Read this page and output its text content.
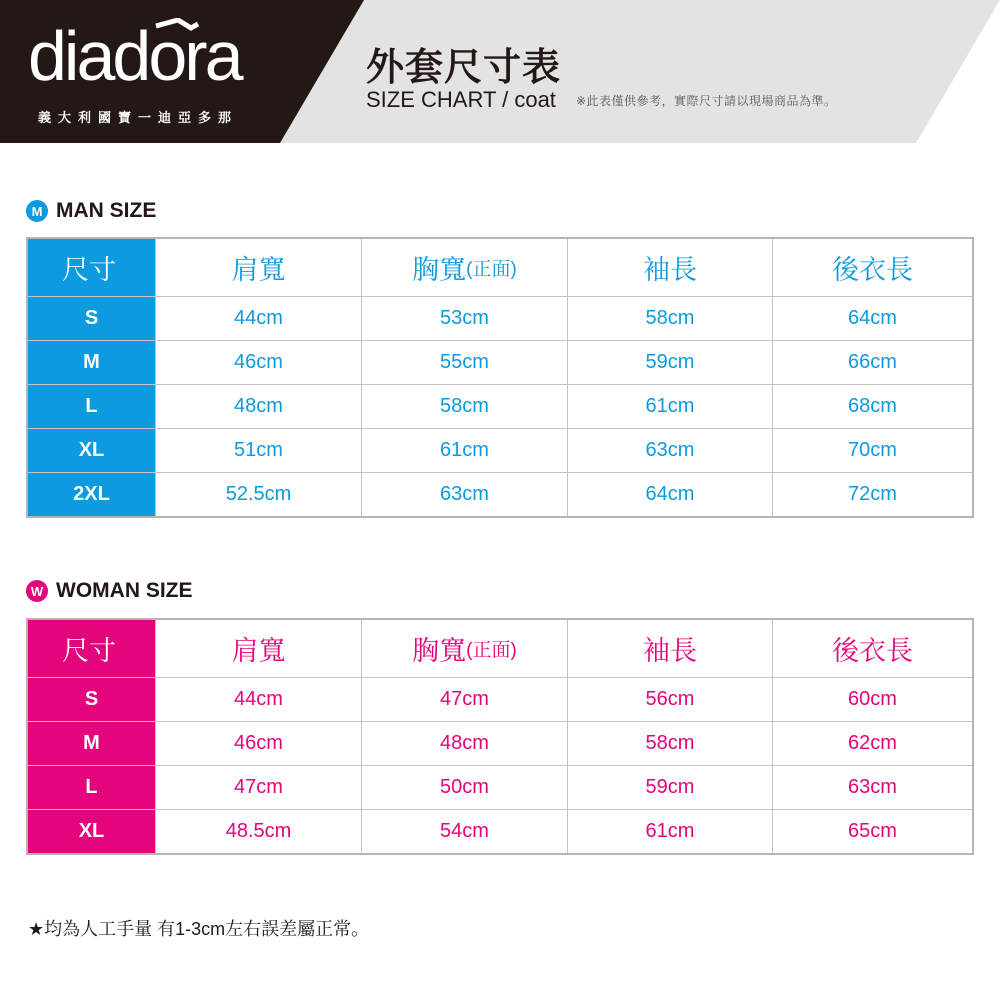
diadora
義大利國寶一迪亞多那
外套尺寸表
SIZE CHART / coat ※此表僅供參考，實際尺寸請以現場商品為準。
M MAN SIZE
尺寸	肩寬	胸寬 (正面)	袖長	後衣長
S	44cm	53cm	58cm	64cm
M	46cm	55cm	59cm	66cm
L	48cm	58cm	61cm	68cm
XL	51cm	61cm	63cm	70cm
2XL	52.5cm	63cm	64cm	72cm
W WOMAN SIZE
尺寸	肩寬	胸寬 (正面)	袖長	後衣長
S	44cm	47cm	56cm	60cm
M	46cm	48cm	58cm	62cm
L	47cm	50cm	59cm	63cm
XL	48.5cm	54cm	61cm	65cm
★均為人工手量 有1-3cm左右誤差屬正常。
